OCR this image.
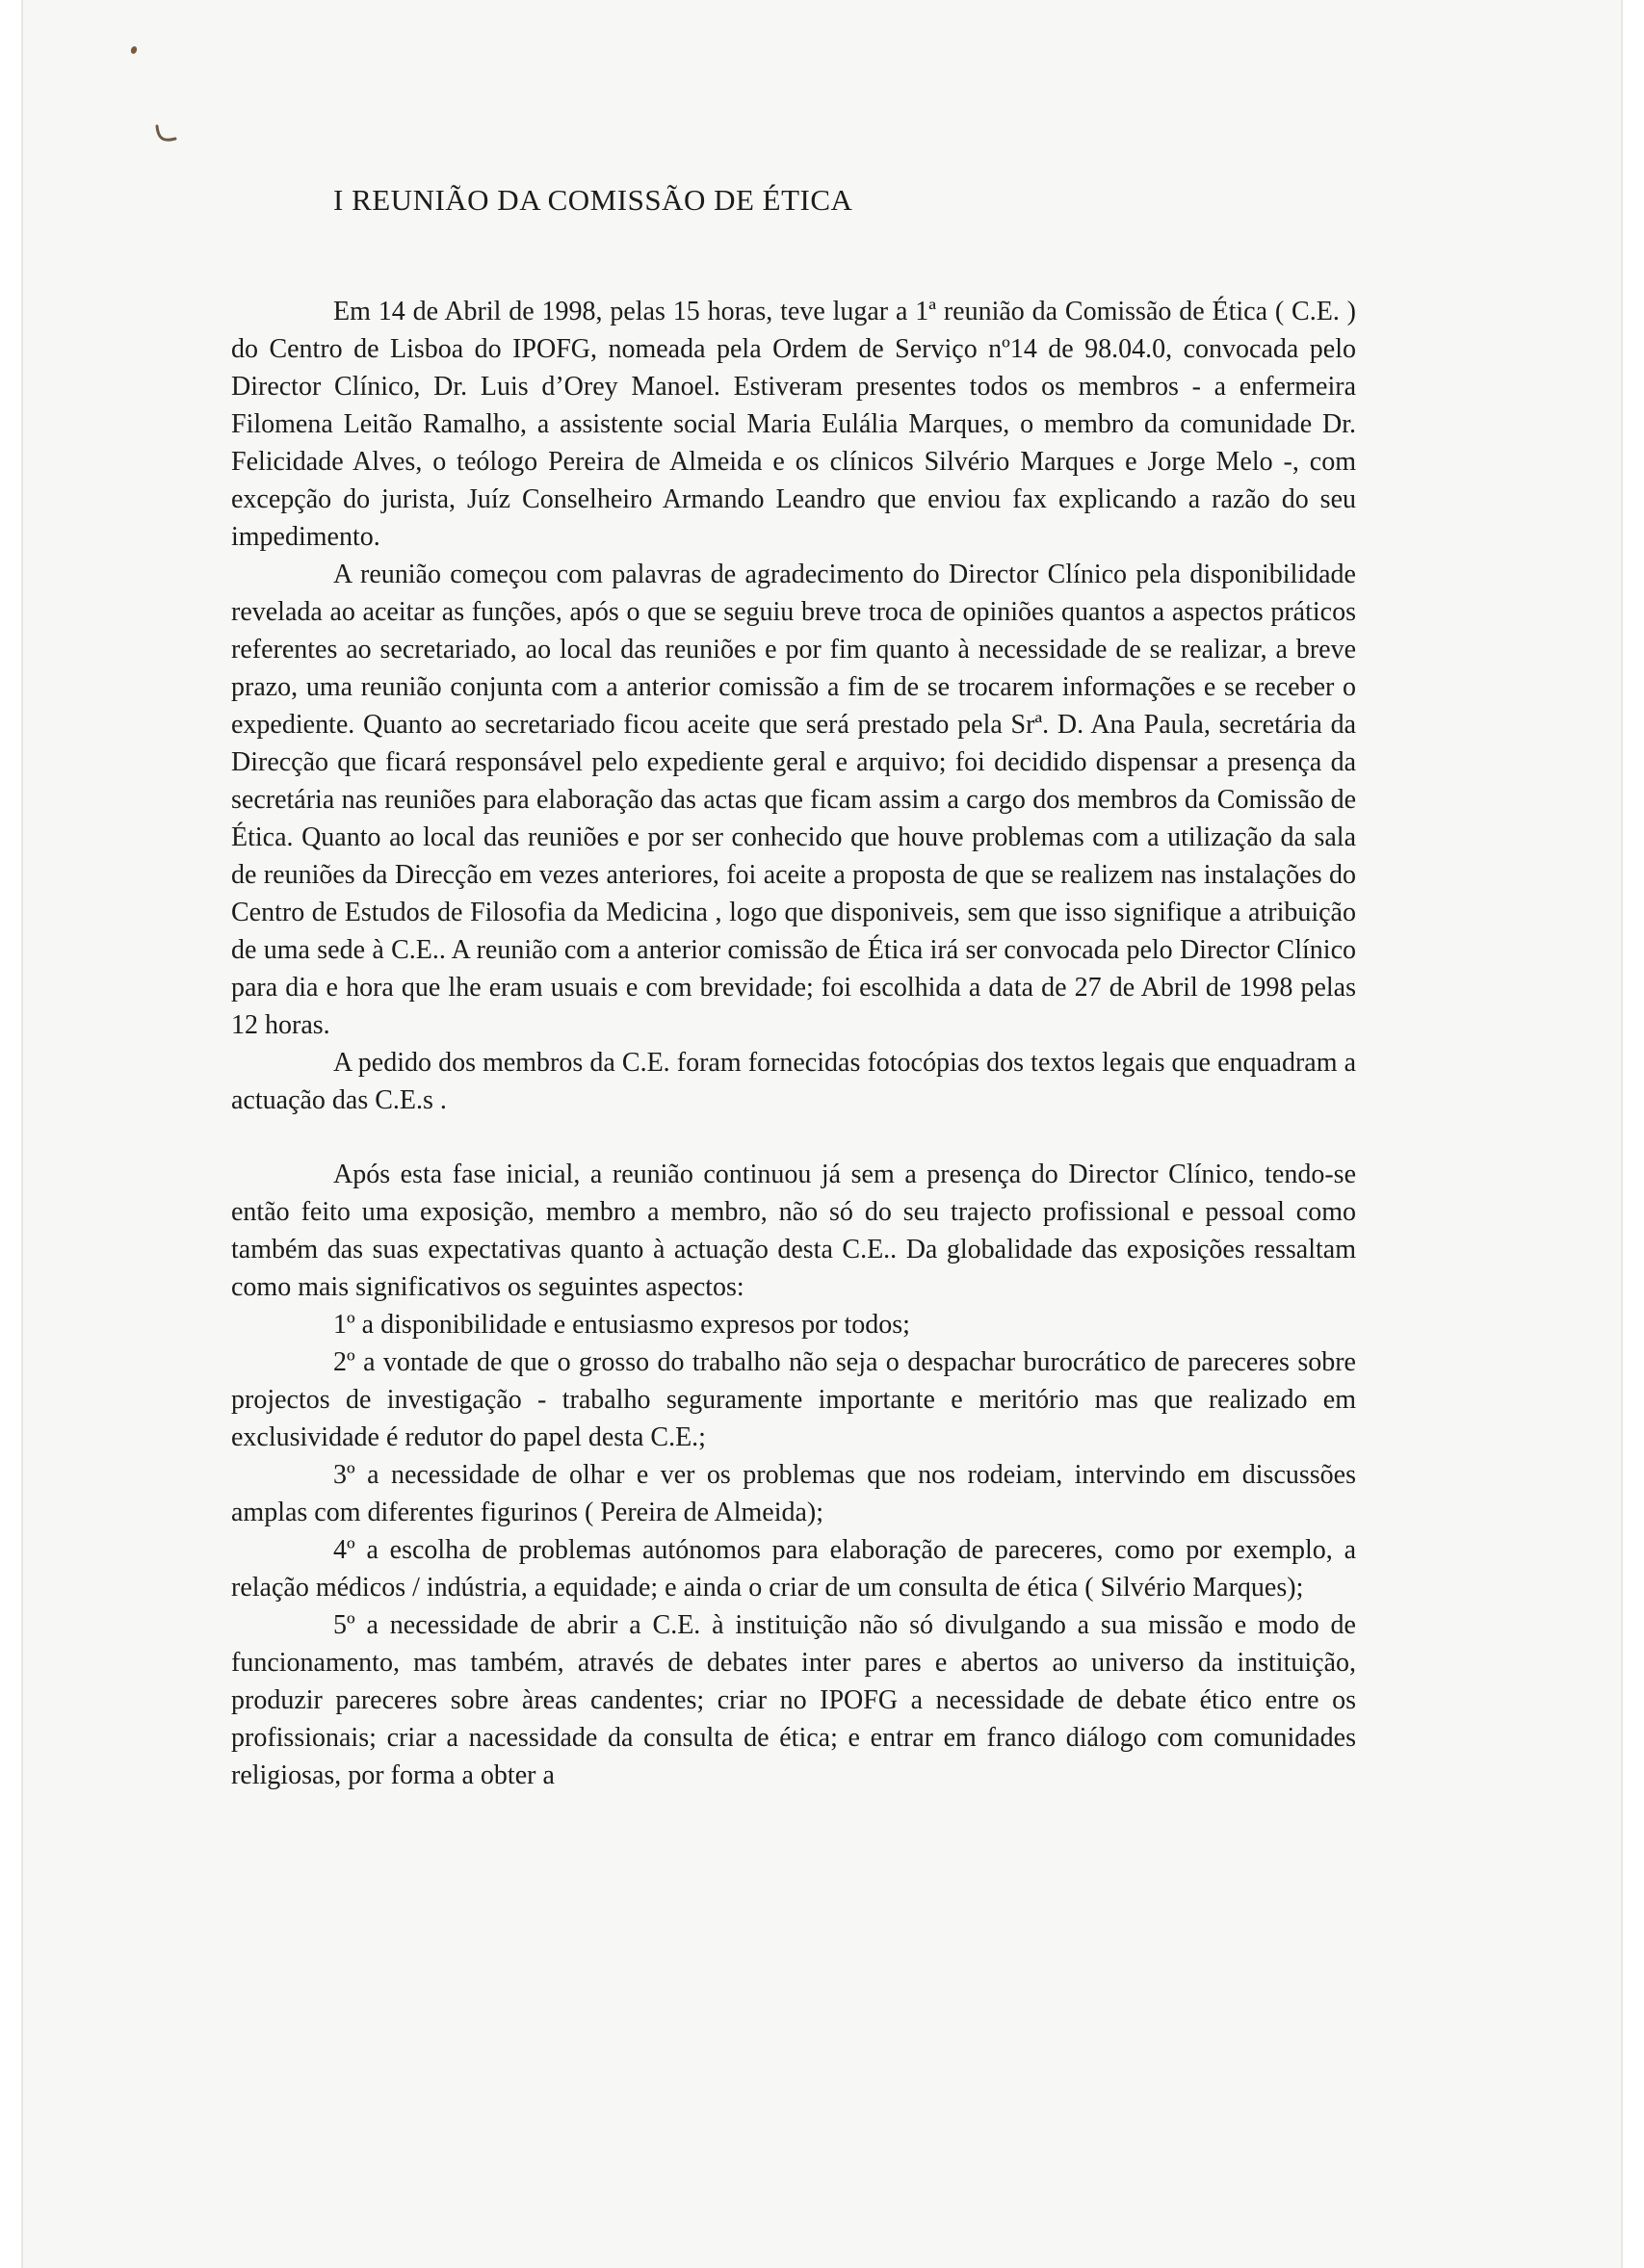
I REUNIÃO DA COMISSÃO DE ÉTICA

Em 14 de Abril de 1998, pelas 15 horas, teve lugar a 1ª reunião da Comissão de Ética ( C.E. ) do Centro de Lisboa do IPOFG, nomeada pela Ordem de Serviço nº14 de 98.04.0, convocada pelo Director Clínico, Dr. Luis d’Orey Manoel. Estiveram presentes todos os membros - a enfermeira Filomena Leitão Ramalho, a assistente social Maria Eulália Marques, o membro da comunidade Dr. Felicidade Alves, o teólogo Pereira de Almeida e os clínicos Silvério Marques e Jorge Melo -, com excepção do jurista, Juíz Conselheiro Armando Leandro que enviou fax explicando a razão do seu impedimento.

A reunião começou com palavras de agradecimento do Director Clínico pela disponibilidade revelada ao aceitar as funções, após o que se seguiu breve troca de opiniões quantos a aspectos práticos referentes ao secretariado, ao local das reuniões e por fim quanto à necessidade de se realizar, a breve prazo, uma reunião conjunta com a anterior comissão a fim de se trocarem informações e se receber o expediente. Quanto ao secretariado ficou aceite que será prestado pela Srª. D. Ana Paula, secretária da Direcção que ficará responsável pelo expediente geral e arquivo; foi decidido dispensar a presença da secretária nas reuniões para elaboração das actas que ficam assim a cargo dos membros da Comissão de Ética. Quanto ao local das reuniões e por ser conhecido que houve problemas com a utilização da sala de reuniões da Direcção em vezes anteriores, foi aceite a proposta de que se realizem nas instalações do Centro de Estudos de Filosofia da Medicina , logo que disponiveis, sem que isso signifique a atribuição de uma sede à C.E.. A reunião com a anterior comissão de Ética irá ser convocada pelo Director Clínico para dia e hora que lhe eram usuais e com brevidade; foi escolhida a data de 27 de Abril de 1998 pelas 12 horas.

A pedido dos membros da C.E. foram fornecidas fotocópias dos textos legais que enquadram a actuação das C.E.s .

Após esta fase inicial, a reunião continuou já sem a presença do Director Clínico, tendo-se então feito uma exposição, membro a membro, não só do seu trajecto profissional e pessoal como também das suas expectativas quanto à actuação desta C.E.. Da globalidade das exposições ressaltam como mais significativos os seguintes aspectos:

1º a disponibilidade e entusiasmo expresos por todos;

2º a vontade de que o grosso do trabalho não seja o despachar burocrático de pareceres sobre projectos de investigação - trabalho seguramente importante e meritório mas que realizado em exclusividade é redutor do papel desta C.E.;

3º a necessidade de olhar e ver os problemas que nos rodeiam, intervindo em discussões amplas com diferentes figurinos ( Pereira de Almeida);

4º a escolha de problemas autónomos para elaboração de pareceres, como por exemplo, a relação médicos / indústria, a equidade; e ainda o criar de um consulta de ética ( Silvério Marques);

5º a necessidade de abrir a C.E. à instituição não só divulgando a sua missão e modo de funcionamento, mas também, através de debates inter pares e abertos ao universo da instituição, produzir pareceres sobre àreas candentes; criar no IPOFG a necessidade de debate ético entre os profissionais; criar a nacessidade da consulta de ética; e entrar em franco diálogo com comunidades religiosas, por forma a obter a
